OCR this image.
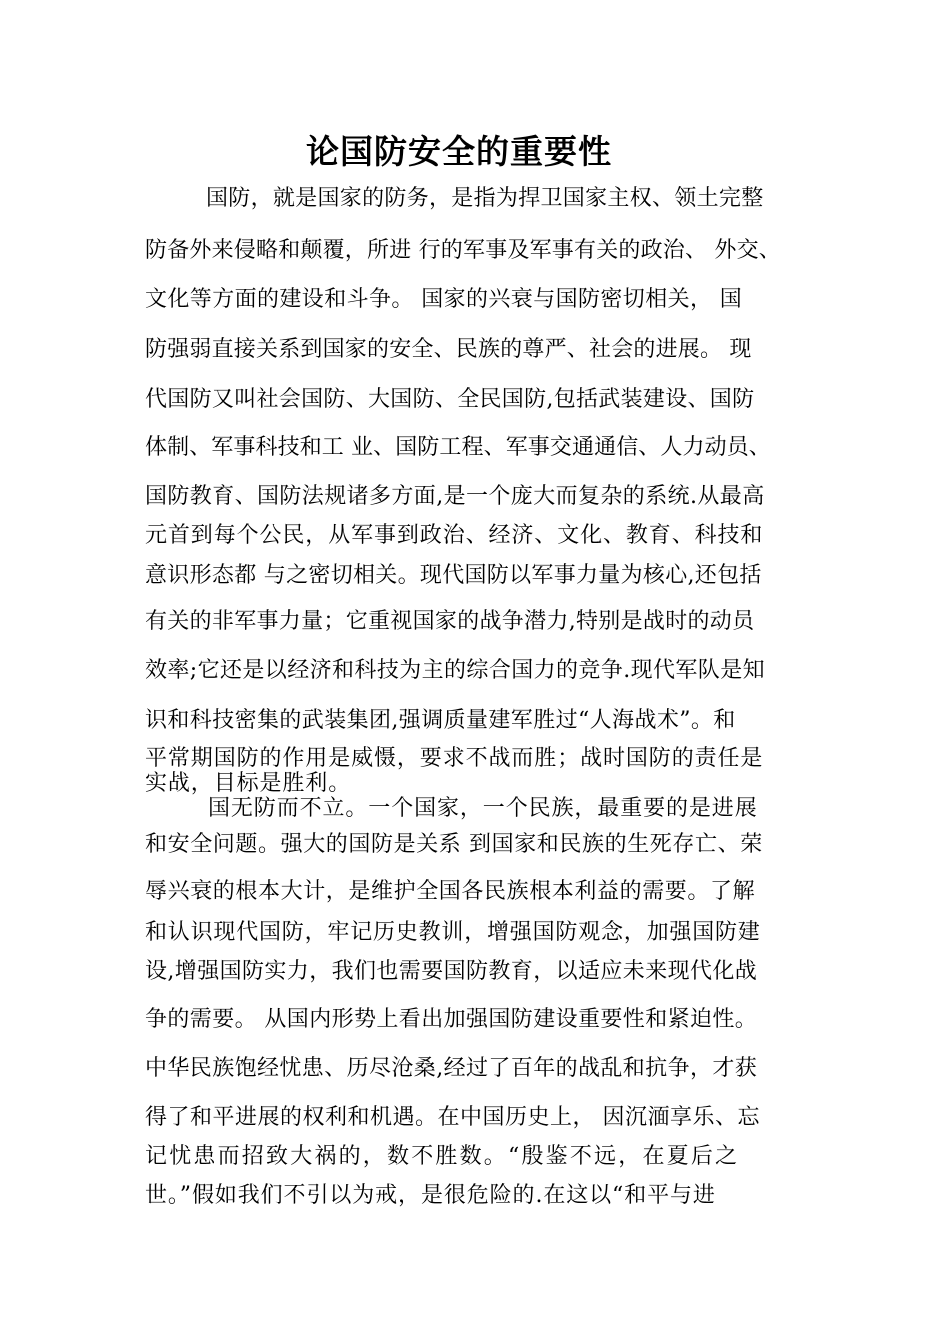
论国防安全的重要性
国防，就是国家的防务，是指为捍卫国家主权、领土完整
防备外来侵略和颠覆，所进 行的军事及军事有关的政治、 外交、
文化等方面的建设和斗争。 国家的兴衰与国防密切相关， 国
防强弱直接关系到国家的安全、民族的尊严、社会的进展。 现
代国防又叫社会国防、大国防、全民国防,包括武装建设、国防
体制、军事科技和工 业、国防工程、军事交通通信、人力动员、
国防教育、国防法规诸多方面,是一个庞大而复杂的系统.从最高
元首到每个公民，从军事到政治、经济、文化、教育、科技和
意识形态都 与之密切相关。现代国防以军事力量为核心,还包括
有关的非军事力量；它重视国家的战争潜力,特别是战时的动员
效率;它还是以经济和科技为主的综合国力的竞争.现代军队是知
识和科技密集的武装集团,强调质量建军胜过“人海战术”。和
平常期国防的作用是威慑，要求不战而胜；战时国防的责任是
实战，目标是胜利。
国无防而不立。一个国家，一个民族，最重要的是进展
和安全问题。强大的国防是关系 到国家和民族的生死存亡、荣
辱兴衰的根本大计，是维护全国各民族根本利益的需要。了解
和认识现代国防，牢记历史教训，增强国防观念，加强国防建
设,增强国防实力，我们也需要国防教育，以适应未来现代化战
争的需要。 从国内形势上看出加强国防建设重要性和紧迫性。
中华民族饱经忧患、历尽沧桑,经过了百年的战乱和抗争，才获
得了和平进展的权利和机遇。在中国历史上， 因沉湎享乐、忘
记忧患而招致大祸的，数不胜数。“殷鉴不远，在夏后之
世。”假如我们不引以为戒，是很危险的.在这以“和平与进
